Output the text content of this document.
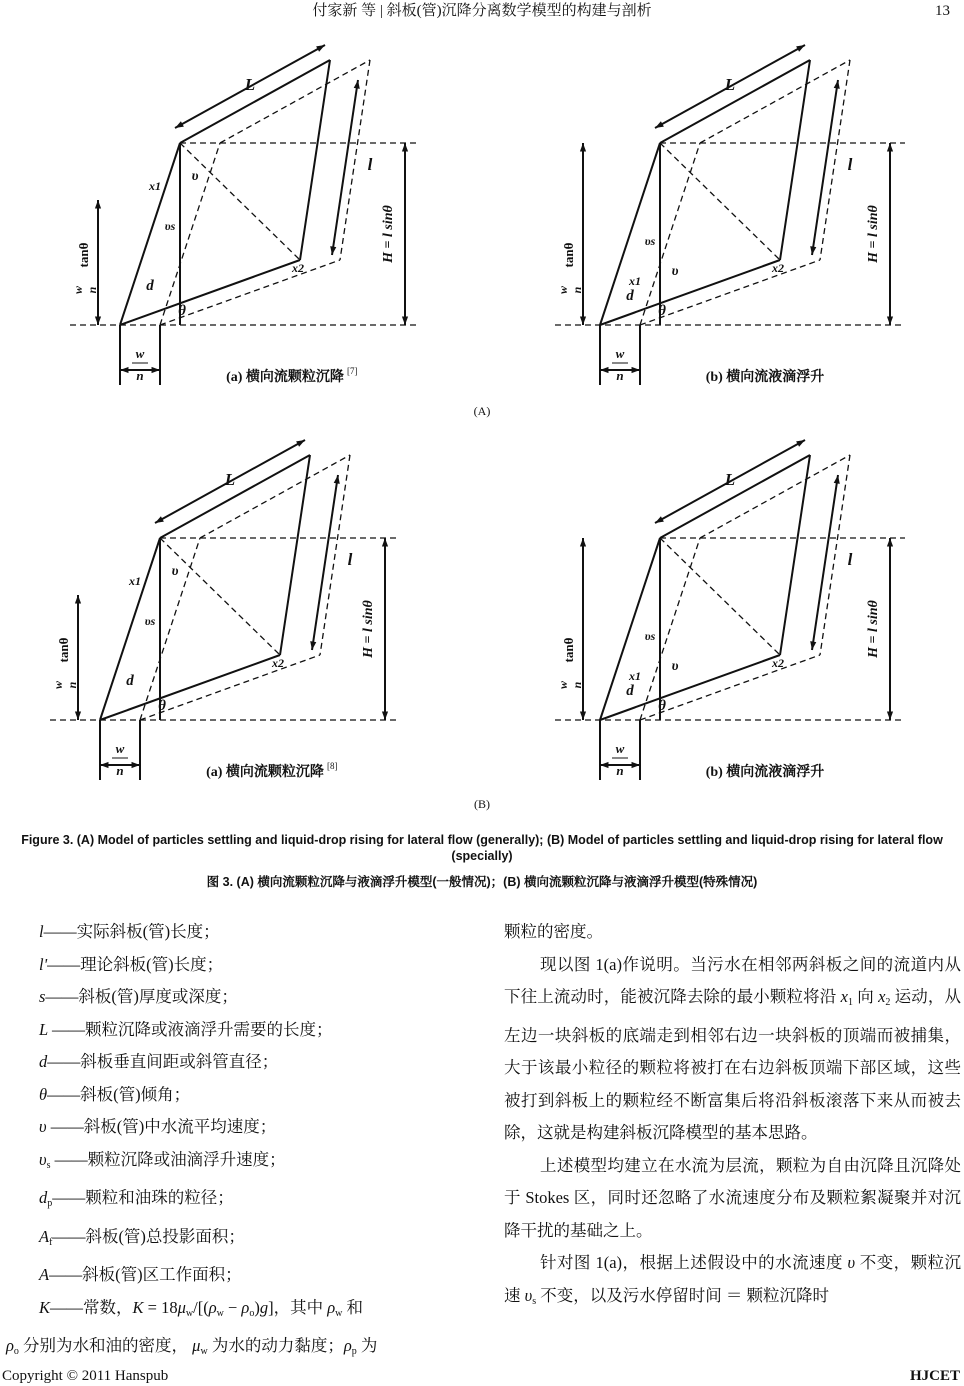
付家新 等 | 斜板(管)沉降分离数学模型的构建与剖析	13
L
l
H = l sinθ
tanθ
w n
w
n
x1
x2
υ
υs
d
θ
(a) 横向流颗粒沉降 [7]
L
l
H = l sinθ
tanθ
w n
w
n
x1
x2
υ
υs
d
θ
(b) 横向流液滴浮升
(A)
L
l
H = l sinθ
tanθ
w n
w
n
x1
x2
υ
υs
d
θ
(a) 横向流颗粒沉降 [8]
L
l
H = l sinθ
tanθ
w n
w
n
x1
x2
υ
υs
d
θ
(b) 横向流液滴浮升
(B)
Figure 3. (A) Model of particles settling and liquid-drop rising for lateral flow (generally); (B) Model of particles settling and liquid-drop rising for lateral flow (specially)
图 3. (A) 横向流颗粒沉降与液滴浮升模型(一般情况)；(B) 横向流颗粒沉降与液滴浮升模型(特殊情况)
l——实际斜板(管)长度；
l'——理论斜板(管)长度；
s——斜板(管)厚度或深度；
L ——颗粒沉降或液滴浮升需要的长度；
d——斜板垂直间距或斜管直径；
θ——斜板(管)倾角；
υ ——斜板(管)中水流平均速度；
$\upsilon_s$ ——颗粒沉降或油滴浮升速度；
$d_p——$颗粒和油珠的粒径；
$A_f——$斜板(管)总投影面积；
A——斜板(管)区工作面积；
K——常数，$K = 18\mu_w/[(\rho_w - \rho_o)g]$，其中 $\rho_w$ 和
$\rho_o$ 分别为水和油的密度， $\mu_w$ 为水的动力黏度；$\rho_p$ 为

颗粒的密度。

现以图 1(a)作说明。当污水在相邻两斜板之间的流道内从下往上流动时，能被沉降去除的最小颗粒将沿 $x_1$ 向 $x_2$ 运动，从左边一块斜板的底端走到相邻右边一块斜板的顶端而被捕集，大于该最小粒径的颗粒将被打在右边斜板顶端下部区域，这些被打到斜板上的颗粒经不断富集后将沿斜板滚落下来从而被去除，这就是构建斜板沉降模型的基本思路。

上述模型均建立在水流为层流，颗粒为自由沉降且沉降处于 Stokes 区，同时还忽略了水流速度分布及颗粒絮凝聚并对沉降干扰的基础之上。

针对图 1(a)，根据上述假设中的水流速度 υ 不变，颗粒沉速 $\upsilon_s$ 不变，以及污水停留时间 ＝ 颗粒沉降时

Copyright © 2011 Hanspub	HJCET
